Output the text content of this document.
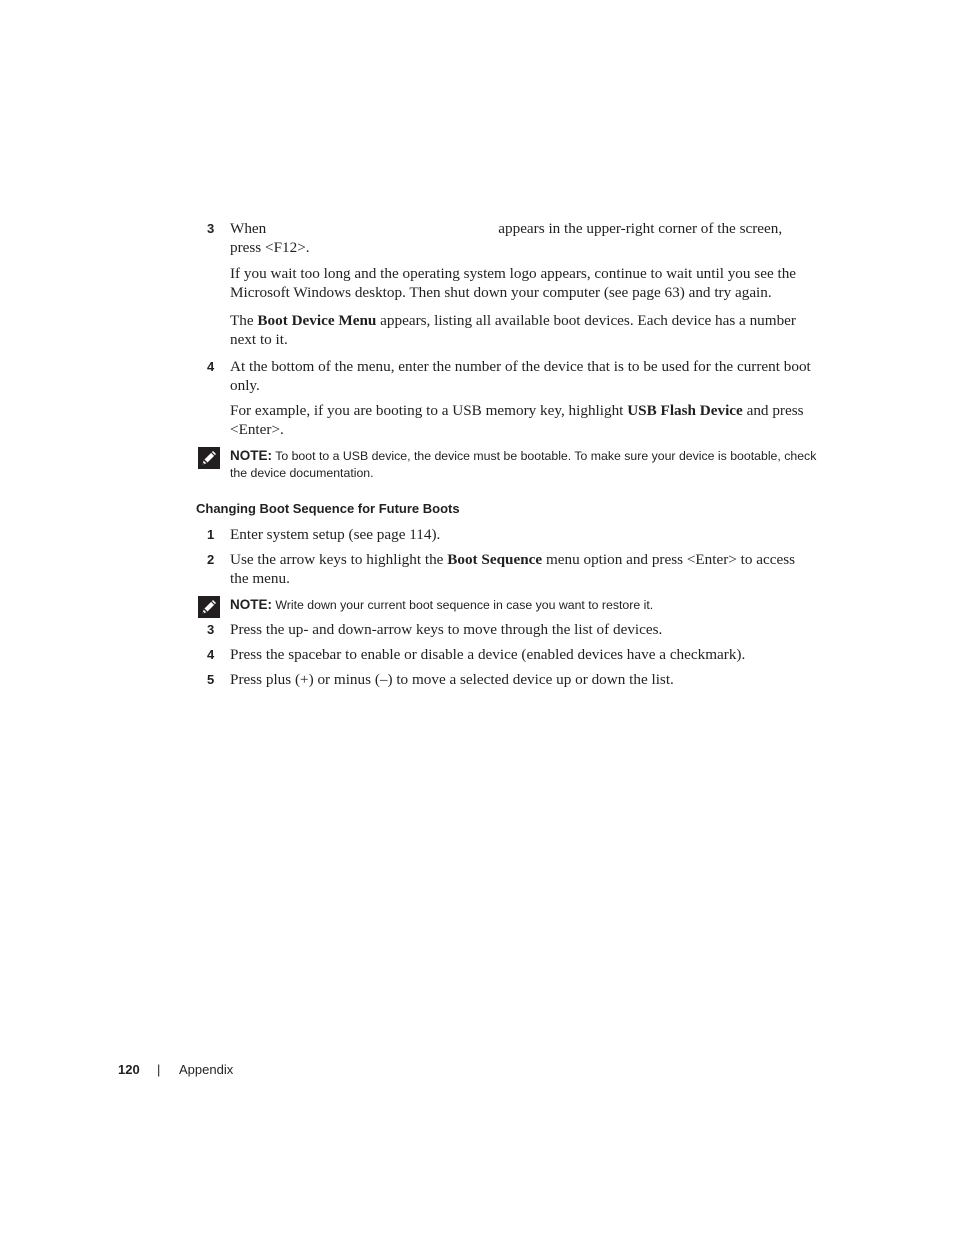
3 When	appears in the upper-right corner of the screen,
press <F12>.
If you wait too long and the operating system logo appears, continue to wait until you see the Microsoft Windows desktop. Then shut down your computer (see page 63) and try again.
The Boot Device Menu appears, listing all available boot devices. Each device has a number next to it.
4 At the bottom of the menu, enter the number of the device that is to be used for the current boot only.
For example, if you are booting to a USB memory key, highlight USB Flash Device and press <Enter>.
NOTE: To boot to a USB device, the device must be bootable. To make sure your device is bootable, check the device documentation.
Changing Boot Sequence for Future Boots
1 Enter system setup (see page 114).
2 Use the arrow keys to highlight the Boot Sequence menu option and press <Enter> to access the menu.
NOTE: Write down your current boot sequence in case you want to restore it.
3 Press the up- and down-arrow keys to move through the list of devices.
4 Press the spacebar to enable or disable a device (enabled devices have a checkmark).
5 Press plus (+) or minus (–) to move a selected device up or down the list.
120 | Appendix
